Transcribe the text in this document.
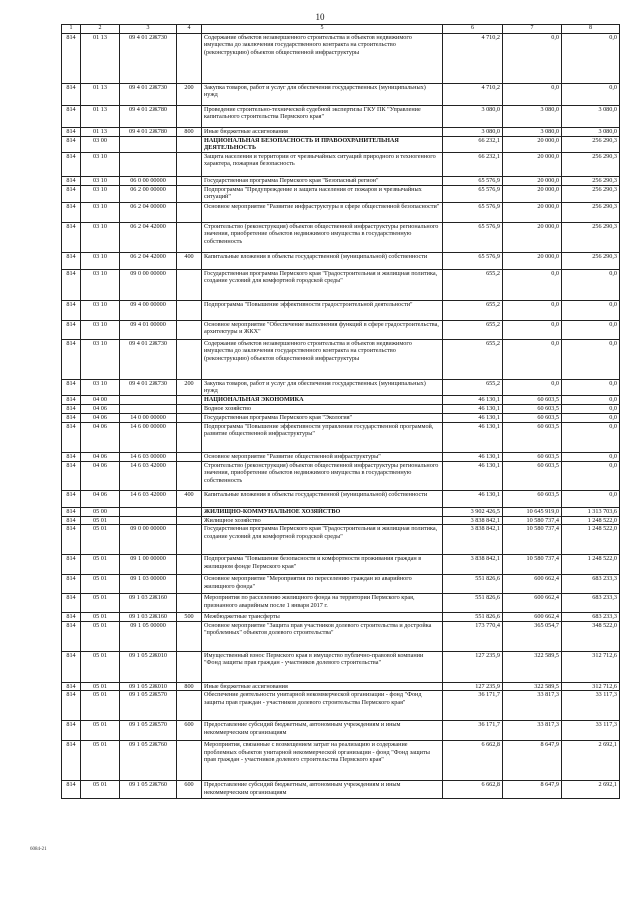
10
1	2	3	4	5	6	7	8
814	01 13	09 4 01 2Ж730		Содержание объектов незавершенного строительства и объектов недвижимого имущества до заключения государственного контракта на строительство (реконструкцию) объектов общественной инфраструктуры	4 710,2	0,0	0,0
814	01 13	09 4 01 2Ж730	200	Закупка товаров, работ и услуг для обеспечения государственных (муниципальных) нужд	4 710,2	0,0	0,0
814	01 13	09 4 01 2Ж780		Проведение строительно-технической судебной экспертизы ГКУ ПК "Управление капитального строительства Пермского края"	3 080,0	3 080,0	3 080,0
814	01 13	09 4 01 2Ж780	800	Иные бюджетные ассигнования	3 080,0	3 080,0	3 080,0
814	03 00			НАЦИОНАЛЬНАЯ БЕЗОПАСНОСТЬ И ПРАВООХРАНИТЕЛЬНАЯ ДЕЯТЕЛЬНОСТЬ	66 232,1	20 000,0	256 290,3
814	03 10			Защита населения и территории от чрезвычайных ситуаций природного и техногенного характера, пожарная безопасность	66 232,1	20 000,0	256 290,3
814	03 10	06 0 00 00000		Государственная программа Пермского края "Безопасный регион"	65 576,9	20 000,0	256 290,3
814	03 10	06 2 00 00000		Подпрограмма "Предупреждение и защита населения от пожаров и чрезвычайных ситуаций"	65 576,9	20 000,0	256 290,3
814	03 10	06 2 04 00000		Основное мероприятие "Развитие инфраструктуры в сфере общественной безопасности"	65 576,9	20 000,0	256 290,3
814	03 10	06 2 04 42000		Строительство (реконструкция) объектов общественной инфраструктуры регионального значения, приобретение объектов недвижимого имущества в государственную собственность	65 576,9	20 000,0	256 290,3
814	03 10	06 2 04 42000	400	Капитальные вложения в объекты государственной (муниципальной) собственности	65 576,9	20 000,0	256 290,3
814	03 10	09 0 00 00000		Государственная программа Пермского края "Градостроительная и жилищная политика, создание условий для комфортной городской среды"	655,2	0,0	0,0
814	03 10	09 4 00 00000		Подпрограмма "Повышение эффективности градостроительной деятельности"	655,2	0,0	0,0
814	03 10	09 4 01 00000		Основное мероприятие "Обеспечение выполнения функций в сфере градостроительства, архитектуры и ЖКХ"	655,2	0,0	0,0
814	03 10	09 4 01 2Ж730		Содержание объектов незавершенного строительства и объектов недвижимого имущества до заключения государственного контракта на строительство (реконструкцию) объектов общественной инфраструктуры	655,2	0,0	0,0
814	03 10	09 4 01 2Ж730	200	Закупка товаров, работ и услуг для обеспечения государственных (муниципальных) нужд	655,2	0,0	0,0
814	04 00			НАЦИОНАЛЬНАЯ ЭКОНОМИКА	46 130,1	60 603,5	0,0
814	04 06			Водное хозяйство	46 130,1	60 603,5	0,0
814	04 06	14 0 00 00000		Государственная программа Пермского края "Экология"	46 130,1	60 603,5	0,0
814	04 06	14 6 00 00000		Подпрограмма "Повышение эффективности управления государственной программой, развитие общественной инфраструктуры"	46 130,1	60 603,5	0,0
814	04 06	14 6 03 00000		Основное мероприятие "Развитие общественной инфраструктуры"	46 130,1	60 603,5	0,0
814	04 06	14 6 03 42000		Строительство (реконструкция) объектов общественной инфраструктуры регионального значения, приобретение объектов недвижимого имущества в государственную собственность	46 130,1	60 603,5	0,0
814	04 06	14 6 03 42000	400	Капитальные вложения в объекты государственной (муниципальной) собственности	46 130,1	60 603,5	0,0
814	05 00			ЖИЛИЩНО-КОММУНАЛЬНОЕ ХОЗЯЙСТВО	3 902 426,5	10 645 919,0	1 313 703,6
814	05 01			Жилищное хозяйство	3 838 842,1	10 580 737,4	1 248 522,0
814	05 01	09 0 00 00000		Государственная программа Пермского края "Градостроительная и жилищная политика, создание условий для комфортной городской среды"	3 838 842,1	10 580 737,4	1 248 522,0
814	05 01	09 1 00 00000		Подпрограмма "Повышение безопасности и комфортности проживания граждан в жилищном фонде Пермского края"	3 838 842,1	10 580 737,4	1 248 522,0
814	05 01	09 1 03 00000		Основное мероприятие "Мероприятия по переселению граждан из аварийного жилищного фонда"	551 826,6	600 662,4	683 233,3
814	05 01	09 1 03 2Ж160		Мероприятия по расселению жилищного фонда на территории Пермского края, признанного аварийным после 1 января 2017 г.	551 826,6	600 662,4	683 233,3
814	05 01	09 1 03 2Ж160	500	Межбюджетные трансферты	551 826,6	600 662,4	683 233,3
814	05 01	09 1 05 00000		Основное мероприятие "Защита прав участников долевого строительства и достройка "проблемных" объектов долевого строительства"	173 770,4	365 054,7	348 522,0
814	05 01	09 1 05 2Ж010		Имущественный взнос Пермского края в имущество публично-правовой компании "Фонд защиты прав граждан - участников долевого строительства"	127 235,9	322 589,5	312 712,6
814	05 01	09 1 05 2Ж010	800	Иные бюджетные ассигнования	127 235,9	322 589,5	312 712,6
814	05 01	09 1 05 2Ж570		Обеспечение деятельности унитарной некоммерческой организации - фонд "Фонд защиты прав граждан - участников долевого строительства Пермского края"	36 171,7	33 817,3	33 117,3
814	05 01	09 1 05 2Ж570	600	Предоставление субсидий бюджетным, автономным учреждениям и иным некоммерческим организациям	36 171,7	33 817,3	33 117,3
814	05 01	09 1 05 2Ж760		Мероприятия, связанные с возмещением затрат на реализацию и содержание проблемных объектов унитарной некоммерческой организации - фонд "Фонд защиты прав граждан - участников долевого строительства Пермского края"	6 662,8	8 647,9	2 692,1
814	05 01	09 1 05 2Ж760	600	Предоставление субсидий бюджетным, автономным учреждениям и иным некоммерческим организациям	6 662,8	8 647,9	2 692,1
6084-21
